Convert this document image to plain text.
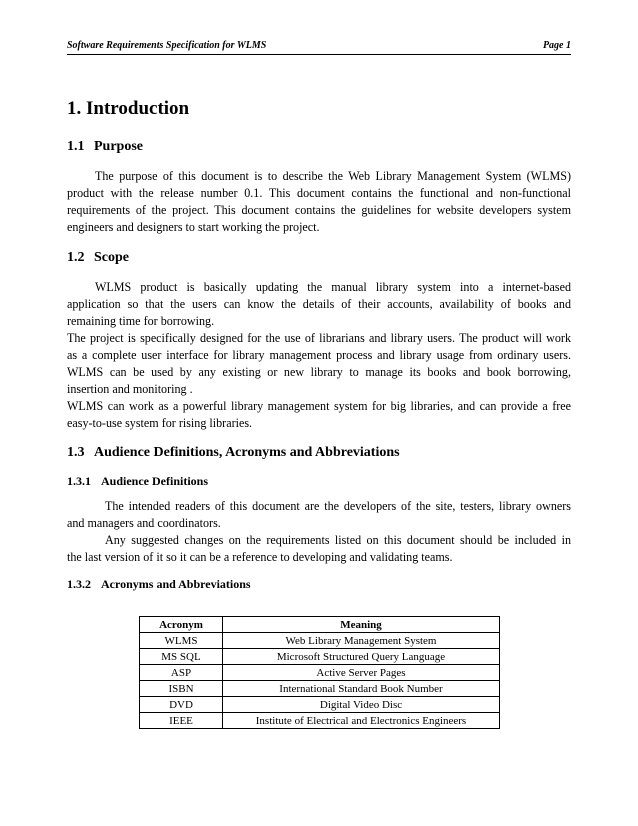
Software Requirements Specification for WLMS	Page 1
1. Introduction
1.1 Purpose
The purpose of this document is to describe the Web Library Management System (WLMS)
product with the release number 0.1. This document contains the functional and non-functional
requirements of the project. This document contains the guidelines for website developers system
engineers and designers to start working the project.
1.2 Scope
WLMS product is basically updating the manual library system into a internet-based
application so that the users can know the details of their accounts, availability of books and
remaining time for borrowing.
The project is specifically designed for the use of librarians and library users. The product will work
as a complete user interface for library management process and library usage from ordinary users.
WLMS can be used by any existing or new library to manage its books and book borrowing,
insertion and monitoring .
WLMS can work as a powerful library management system for big libraries, and can provide a free
easy-to-use system for rising libraries.
1.3 Audience Definitions, Acronyms and Abbreviations
1.3.1 Audience Definitions
The intended readers of this document are the developers of the site, testers, library owners
and managers and coordinators.
Any suggested changes on the requirements listed on this document should be included in
the last version of it so it can be a reference to developing and validating teams.
1.3.2 Acronyms and Abbreviations
Acronym	Meaning
WLMS	Web Library Management System
MS SQL	Microsoft Structured Query Language
ASP	Active Server Pages
ISBN	International Standard Book Number
DVD	Digital Video Disc
IEEE	Institute of Electrical and Electronics Engineers
